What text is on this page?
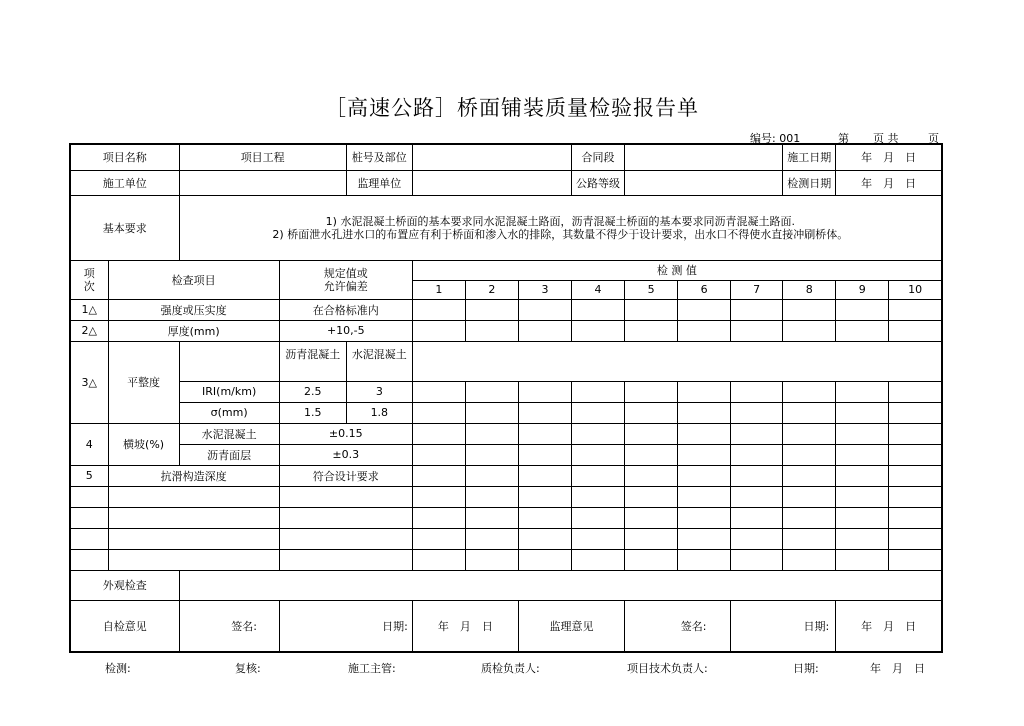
［高速公路］桥面铺装质量检验报告单
编号: 001	第 页 共	页
项目名称		项目工程		桩号及部位				合同段				施工日期	年　月　日	
施工单位				监理单位				公路等级				检测日期	年　月　日	
基本要求		1) 水泥混凝土桥面的基本要求同水泥混凝土路面，沥青混凝土桥面的基本要求同沥青混凝土路面.
2) 桥面泄水孔进水口的布置应有利于桥面和渗入水的排除，其数量不得少于设计要求，出水口不得使水直接冲刷桥体。												

项
次	检查项目		规定值或
允许偏差		检 测 值									
					1	2	3	4	5	6	7	8	9	10
1△	强度或压实度		在合格标准内											
2△	厚度(mm)		+10,-5											
3△	平整度		沥青混凝土	水泥混凝土										
		IRI(m/km)	2.5	3										
		σ(mm)	1.5	1.8										
4	横坡(%)	水泥混凝土	±0.15											
		沥青面层	±0.3											
5	抗滑构造深度		符合设计要求											

外观检查														
自检意见		签名:	日期:		年　月　日		监理意见		签名:		日期:		年　月　日	
检测:	复核:	施工主管:	质检负责人:	项目技术负责人:	日期:	年　月　日
